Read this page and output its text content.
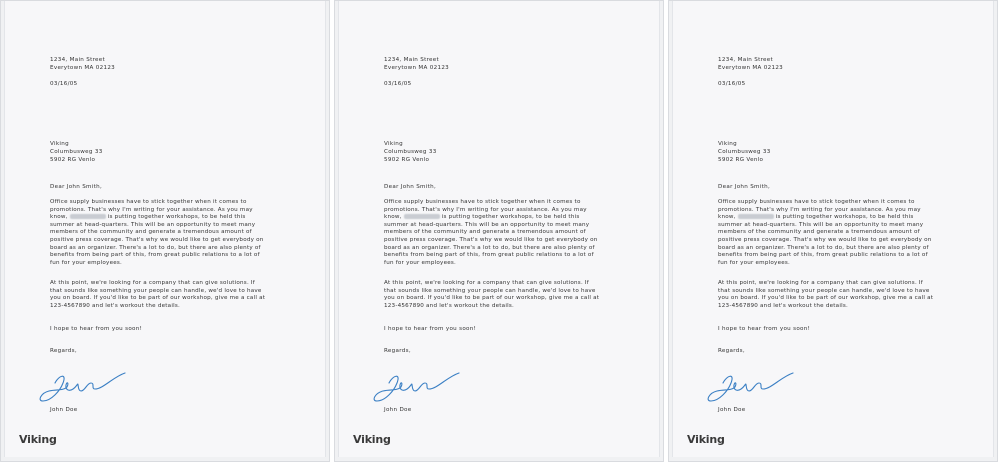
1234, Main Street
Everytown MA 02123
03/16/05
Viking
Columbusweg 33
5902 RG Venlo
Dear John Smith,

Office supply businesses have to stick together when it comes to promotions. That's why I'm writing for your assistance. As you may know,	is putting together workshops, to be held this summer at head-quarters. This will be an opportunity to meet many members of the community and generate a tremendous amount of positive press coverage. That's why we would like to get everybody on board as an organizer. There's a lot to do, but there are also plenty of benefits from being part of this, from great public relations to a lot of fun for your employees.

At this point, we're looking for a company that can give solutions. If that sounds like something your people can handle, we'd love to have you on board. If you'd like to be part of our workshop, give me a call at 123-4567890 and let's workout the details.

I hope to hear from you soon!
Regards,
John Doe
Viking
1234, Main Street
Everytown MA 02123
03/16/05
Viking
Columbusweg 33
5902 RG Venlo
Dear John Smith,

Office supply businesses have to stick together when it comes to promotions. That's why I'm writing for your assistance. As you may know,	is putting together workshops, to be held this summer at head-quarters. This will be an opportunity to meet many members of the community and generate a tremendous amount of positive press coverage. That's why we would like to get everybody on board as an organizer. There's a lot to do, but there are also plenty of benefits from being part of this, from great public relations to a lot of fun for your employees.

At this point, we're looking for a company that can give solutions. If that sounds like something your people can handle, we'd love to have you on board. If you'd like to be part of our workshop, give me a call at 123-4567890 and let's workout the details.

I hope to hear from you soon!
Regards,
John Doe
Viking
1234, Main Street
Everytown MA 02123
03/16/05
Viking
Columbusweg 33
5902 RG Venlo
Dear John Smith,

Office supply businesses have to stick together when it comes to promotions. That's why I'm writing for your assistance. As you may know,	is putting together workshops, to be held this summer at head-quarters. This will be an opportunity to meet many members of the community and generate a tremendous amount of positive press coverage. That's why we would like to get everybody on board as an organizer. There's a lot to do, but there are also plenty of benefits from being part of this, from great public relations to a lot of fun for your employees.

At this point, we're looking for a company that can give solutions. If that sounds like something your people can handle, we'd love to have you on board. If you'd like to be part of our workshop, give me a call at 123-4567890 and let's workout the details.

I hope to hear from you soon!
Regards,
John Doe
Viking
